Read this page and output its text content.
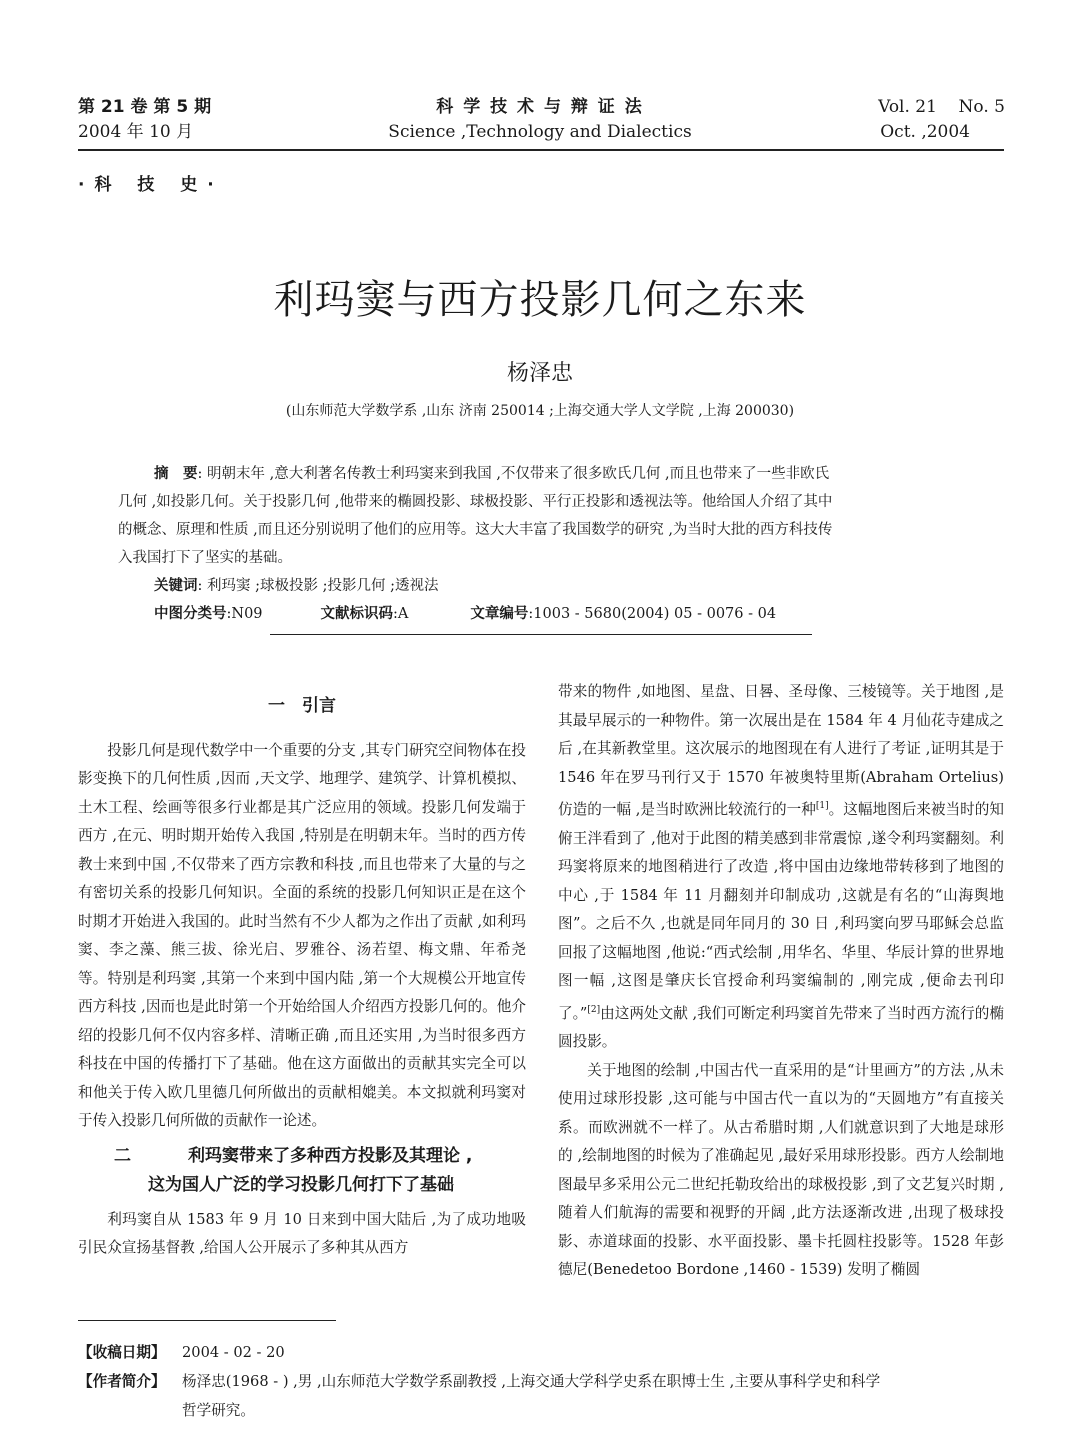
第 21 卷 第 5 期
2004 年 10 月
科 学 技 术 与 辩 证 法
Science ,Technology and Dialectics
Vol. 21    No. 5
Oct. ,2004
·科 技 史·
利玛窦与西方投影几何之东来
杨泽忠
(山东师范大学数学系 ,山东 济南 250014 ;上海交通大学人文学院 ,上海 200030)
摘　要: 明朝末年 ,意大利著名传教士利玛窦来到我国 ,不仅带来了很多欧氏几何 ,而且也带来了一些非欧氏
几何 ,如投影几何。关于投影几何 ,他带来的椭圆投影、球极投影、平行正投影和透视法等。他给国人介绍了其中
的概念、原理和性质 ,而且还分别说明了他们的应用等。这大大丰富了我国数学的研究 ,为当时大批的西方科技传
入我国打下了坚实的基础。
关键词: 利玛窦 ;球极投影 ;投影几何 ;透视法
中图分类号:N09	文献标识码:A	文章编号:1003 - 5680(2004) 05 - 0076 - 04
一　引言

投影几何是现代数学中一个重要的分支 ,其专门研究空间物体在投影变换下的几何性质 ,因而 ,天文学、地理学、建筑学、计算机模拟、土木工程、绘画等很多行业都是其广泛应用的领域。投影几何发端于西方 ,在元、明时期开始传入我国 ,特别是在明朝末年。当时的西方传教士来到中国 ,不仅带来了西方宗教和科技 ,而且也带来了大量的与之有密切关系的投影几何知识。全面的系统的投影几何知识正是在这个时期才开始进入我国的。此时当然有不少人都为之作出了贡献 ,如利玛窦、李之藻、熊三拔、徐光启、罗雅谷、汤若望、梅文鼎、年希尧等。特别是利玛窦 ,其第一个来到中国内陆 ,第一个大规模公开地宣传西方科技 ,因而也是此时第一个开始给国人介绍西方投影几何的。他介绍的投影几何不仅内容多样、清晰正确 ,而且还实用 ,为当时很多西方科技在中国的传播打下了基础。他在这方面做出的贡献其实完全可以和他关于传入欧几里德几何所做出的贡献相媲美。本文拟就利玛窦对于传入投影几何所做的贡献作一论述。

二	利玛窦带来了多种西方投影及其理论 ,
这为国人广泛的学习投影几何打下了基础

利玛窦自从 1583 年 9 月 10 日来到中国大陆后 ,为了成功地吸引民众宣扬基督教 ,给国人公开展示了多种其从西方

带来的物件 ,如地图、星盘、日晷、圣母像、三棱镜等。关于地图 ,是其最早展示的一种物件。第一次展出是在 1584 年 4 月仙花寺建成之后 ,在其新教堂里。这次展示的地图现在有人进行了考证 ,证明其是于 1546 年在罗马刊行又于 1570 年被奥特里斯(Abraham Ortelius) 仿造的一幅 ,是当时欧洲比较流行的一种[1]。这幅地图后来被当时的知俯王泮看到了 ,他对于此图的精美感到非常震惊 ,遂令利玛窦翻刻。利玛窦将原来的地图稍进行了改造 ,将中国由边缘地带转移到了地图的中心 ,于 1584 年 11 月翻刻并印制成功 ,这就是有名的“山海舆地图”。之后不久 ,也就是同年同月的 30 日 ,利玛窦向罗马耶稣会总监回报了这幅地图 ,他说:“西式绘制 ,用华名、华里、华辰计算的世界地图一幅 ,这图是肇庆长官授命利玛窦编制的 ,刚完成 ,便命去刊印了。”[2]由这两处文献 ,我们可断定利玛窦首先带来了当时西方流行的椭圆投影。

关于地图的绘制 ,中国古代一直采用的是“计里画方”的方法 ,从未使用过球形投影 ,这可能与中国古代一直以为的“天圆地方”有直接关系。而欧洲就不一样了。从古希腊时期 ,人们就意识到了大地是球形的 ,绘制地图的时候为了准确起见 ,最好采用球形投影。西方人绘制地图最早多采用公元二世纪托勒玫给出的球极投影 ,到了文艺复兴时期 ,随着人们航海的需要和视野的开阔 ,此方法逐渐改进 ,出现了极球投影、赤道球面的投影、水平面投影、墨卡托圆柱投影等。1528 年彭德尼(Benedetoo Bordone ,1460 - 1539) 发明了椭圆

【收稿日期】	2004 - 02 - 20
【作者简介】	杨泽忠(1968 - ) ,男 ,山东师范大学数学系副教授 ,上海交通大学科学史系在职博士生 ,主要从事科学史和科学
哲学研究。
